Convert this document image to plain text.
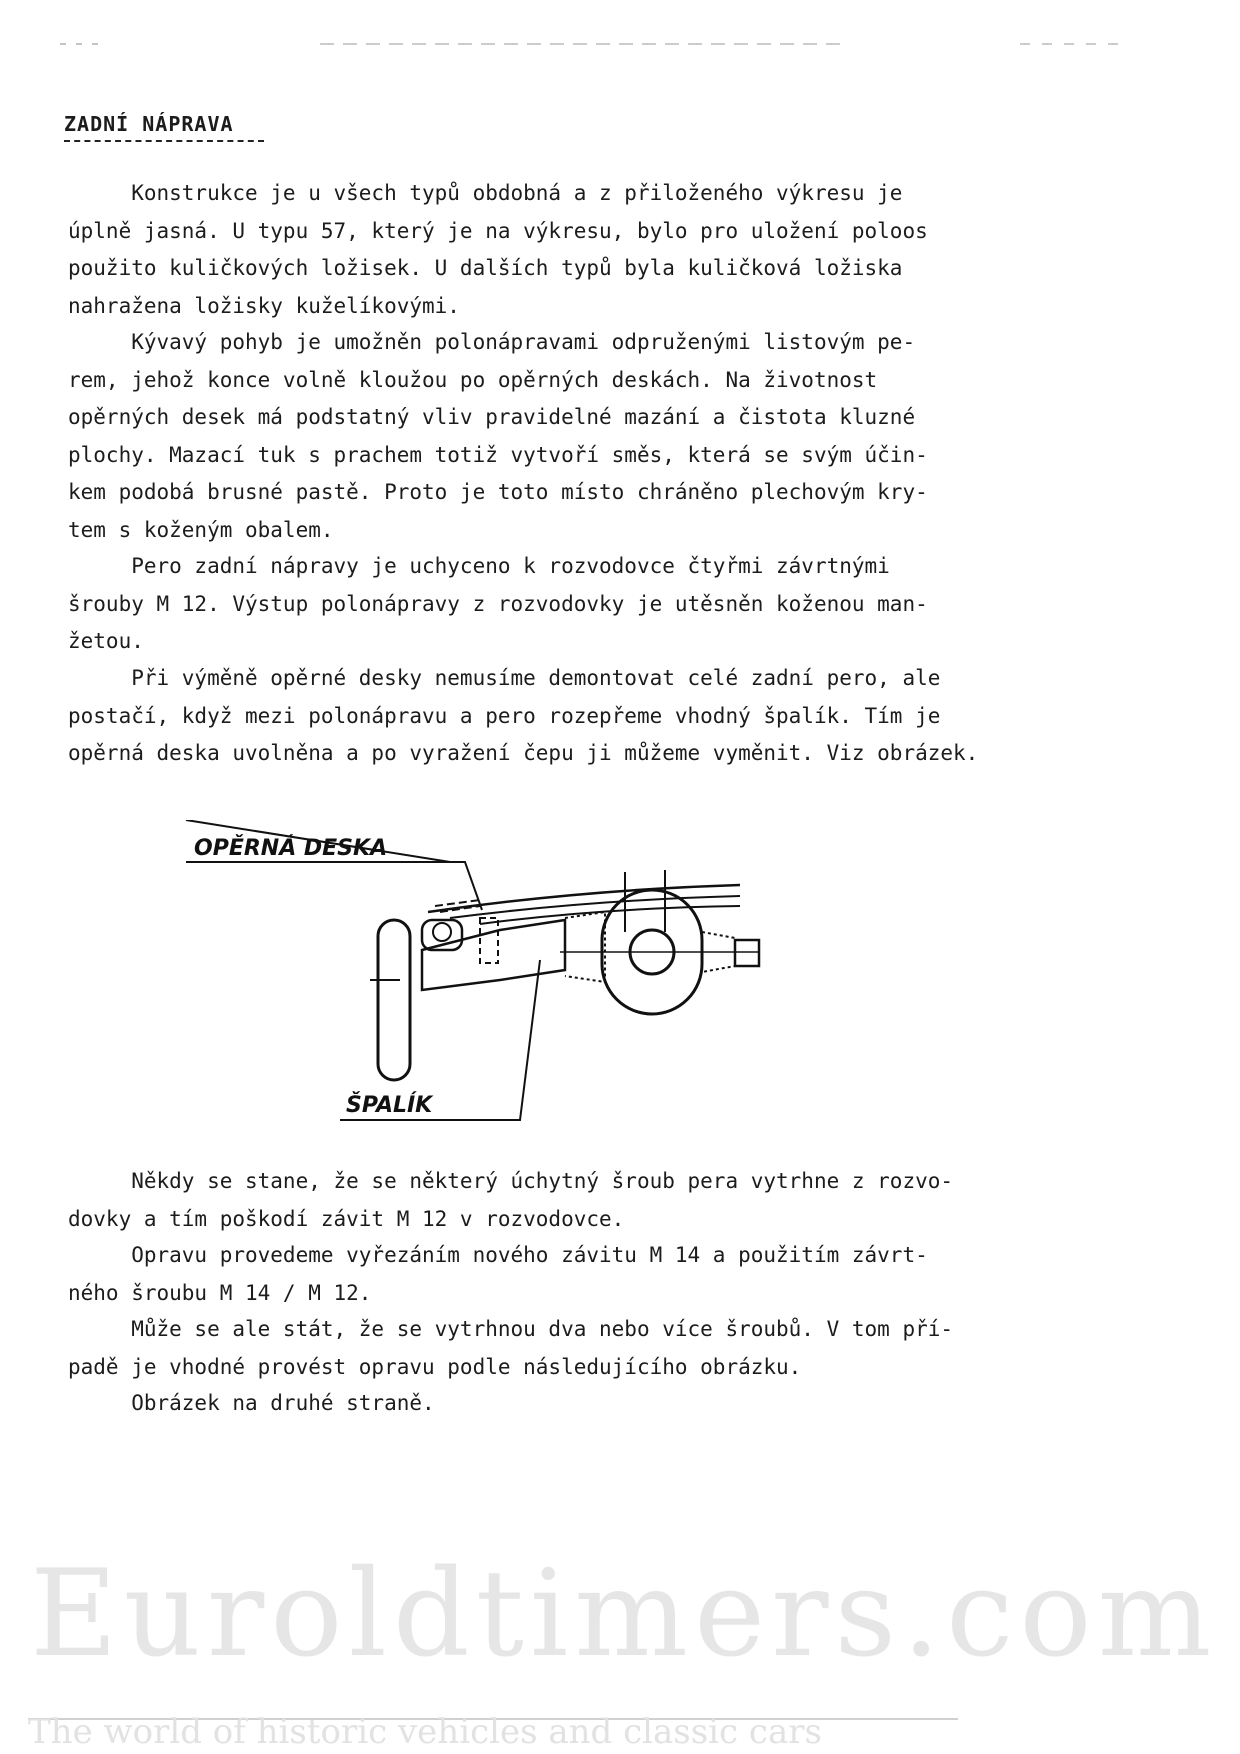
ZADNÍ NÁPRAVA
Konstrukce je u všech typů obdobná a z přiloženého výkresu je
úplně jasná. U typu 57, který je na výkresu, bylo pro uložení poloos
použito kuličkových ložisek. U dalších typů byla kuličková ložiska
nahražena ložisky kuželíkovými.
Kývavý pohyb je umožněn polonápravami odpruženými listovým pe-
rem, jehož konce volně kloužou po opěrných deskách. Na životnost
opěrných desek má podstatný vliv pravidelné mazání a čistota kluzné
plochy. Mazací tuk s prachem totiž vytvoří směs, která se svým účin-
kem podobá brusné pastě. Proto je toto místo chráněno plechovým kry-
tem s koženým obalem.
Pero zadní nápravy je uchyceno k rozvodovce čtyřmi závrtnými
šrouby M 12. Výstup polonápravy z rozvodovky je utěsněn koženou man-
žetou.
Při výměně opěrné desky nemusíme demontovat celé zadní pero, ale
postačí, když mezi polonápravu a pero rozepřeme vhodný špalík. Tím je
opěrná deska uvolněna a po vyražení čepu ji můžeme vyměnit. Viz obrázek.
OPĚRNÁ DESKA
ŠPALÍK
Někdy se stane, že se některý úchytný šroub pera vytrhne z rozvo-
dovky a tím poškodí závit M 12 v rozvodovce.
Opravu provedeme vyřezáním nového závitu M 14 a použitím závrt-
ného šroubu M 14 / M 12.
Může se ale stát, že se vytrhnou dva nebo více šroubů. V tom pří-
padě je vhodné provést opravu podle následujícího obrázku.
Obrázek na druhé straně.
Euroldtimers.com
The world of historic vehicles and classic cars
